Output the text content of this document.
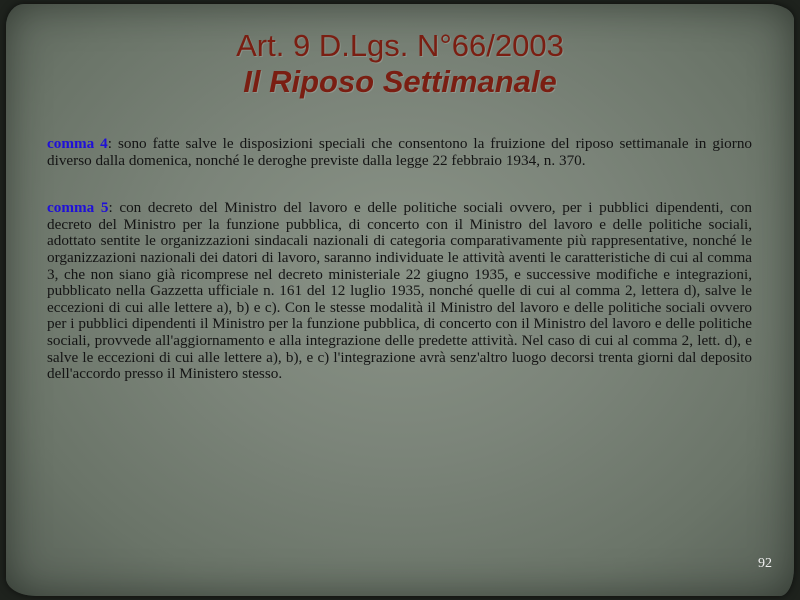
Art. 9 D.Lgs. N°66/2003
Il Riposo Settimanale

comma 4: sono fatte salve le disposizioni speciali che consentono la fruizione del riposo settimanale in giorno diverso dalla domenica, nonché le deroghe previste dalla legge 22 febbraio 1934, n. 370.

comma 5: con decreto del Ministro del lavoro e delle politiche sociali ovvero, per i pubblici dipendenti, con decreto del Ministro per la funzione pubblica, di concerto con il Ministro del lavoro e delle politiche sociali, adottato sentite le organizzazioni sindacali nazionali di categoria comparativamente più rappresentative, nonché le organizzazioni nazionali dei datori di lavoro, saranno individuate le attività aventi le caratteristiche di cui al comma 3, che non siano già ricomprese nel decreto ministeriale 22 giugno 1935, e successive modifiche e integrazioni, pubblicato nella Gazzetta ufficiale n. 161 del 12 luglio 1935, nonché quelle di cui al comma 2, lettera d), salve le eccezioni di cui alle lettere a), b) e c). Con le stesse modalità il Ministro del lavoro e delle politiche sociali ovvero per i pubblici dipendenti il Ministro per la funzione pubblica, di concerto con il Ministro del lavoro e delle politiche sociali, provvede all'aggiornamento e alla integrazione delle predette attività. Nel caso di cui al comma 2, lett. d), e salve le eccezioni di cui alle lettere a), b), e c) l'integrazione avrà senz'altro luogo decorsi trenta giorni dal deposito dell'accordo presso il Ministero stesso.

92
